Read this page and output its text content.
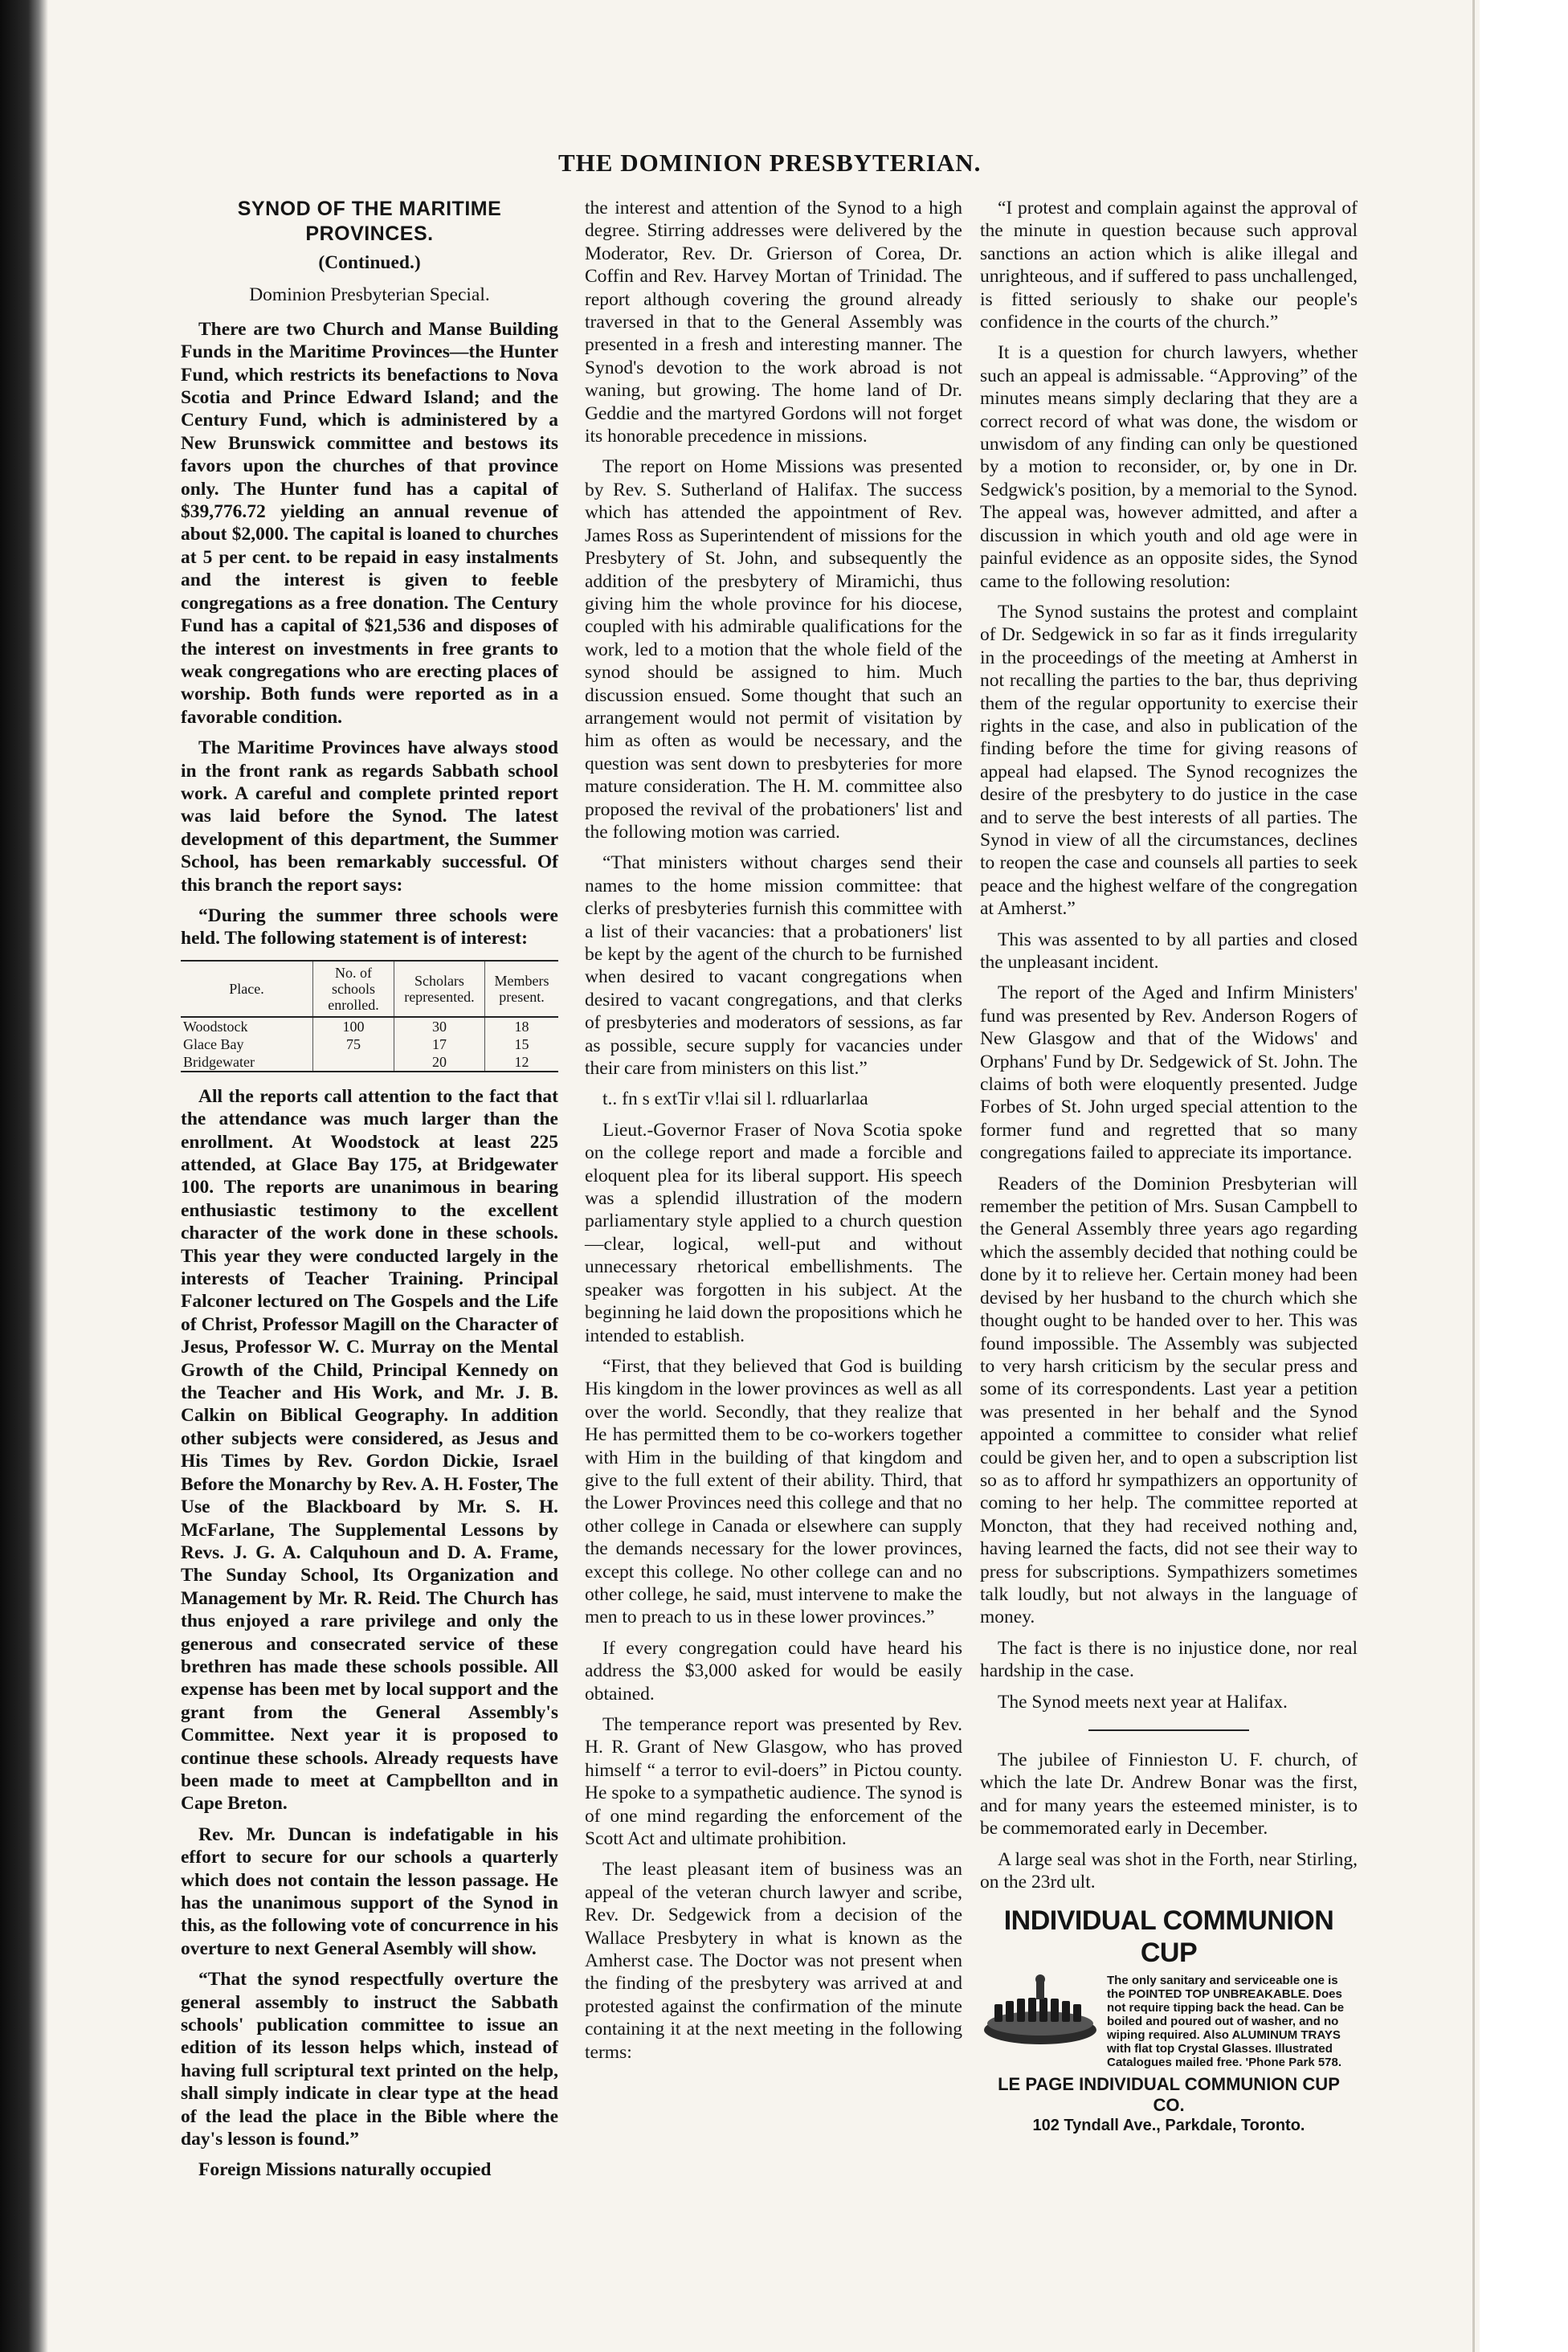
THE DOMINION PRESBYTERIAN.
SYNOD OF THE MARITIME PROVINCES.
(Continued.)
Dominion Presbyterian Special.

There are two Church and Manse Building Funds in the Maritime Provinces—the Hunter Fund, which restricts its benefactions to Nova Scotia and Prince Edward Island; and the Century Fund, which is administered by a New Brunswick committee and bestows its favors upon the churches of that province only. The Hunter fund has a capital of $39,776.72 yielding an annual revenue of about $2,000. The capital is loaned to churches at 5 per cent. to be repaid in easy instalments and the interest is given to feeble congregations as a free donation. The Century Fund has a capital of $21,536 and disposes of the interest on investments in free grants to weak congregations who are erecting places of worship. Both funds were reported as in a favorable condition.

The Maritime Provinces have always stood in the front rank as regards Sabbath school work. A careful and complete printed report was laid before the Synod. The latest development of this department, the Summer School, has been remarkably successful. Of this branch the report says:

“During the summer three schools were held. The following statement is of interest:

Place.	No. of schools enrolled.	Scholars represented.	Members present.
Woodstock	100	30	18
Glace Bay	75	17	15
Bridgewater		20	12

All the reports call attention to the fact that the attendance was much larger than the enrollment. At Woodstock at least 225 attended, at Glace Bay 175, at Bridgewater 100. The reports are unanimous in bearing enthusiastic testimony to the excellent character of the work done in these schools. This year they were conducted largely in the interests of Teacher Training. Principal Falconer lectured on The Gospels and the Life of Christ, Professor Magill on the Character of Jesus, Professor W. C. Murray on the Mental Growth of the Child, Principal Kennedy on the Teacher and His Work, and Mr. J. B. Calkin on Biblical Geography. In addition other subjects were considered, as Jesus and His Times by Rev. Gordon Dickie, Israel Before the Monarchy by Rev. A. H. Foster, The Use of the Blackboard by Mr. S. H. McFarlane, The Supplemental Lessons by Revs. J. G. A. Calquhoun and D. A. Frame, The Sunday School, Its Organization and Management by Mr. R. Reid. The Church has thus enjoyed a rare privilege and only the generous and consecrated service of these brethren has made these schools possible. All expense has been met by local support and the grant from the General Assembly's Committee. Next year it is proposed to continue these schools. Already requests have been made to meet at Campbellton and in Cape Breton.

Rev. Mr. Duncan is indefatigable in his effort to secure for our schools a quarterly which does not contain the lesson passage. He has the unanimous support of the Synod in this, as the following vote of concurrence in his overture to next General Asembly will show.

“That the synod respectfully overture the general assembly to instruct the Sabbath schools' publication committee to issue an edition of its lesson helps which, instead of having full scriptural text printed on the help, shall simply indicate in clear type at the head of the lead the place in the Bible where the day's lesson is found.”

Foreign Missions naturally occupied

the interest and attention of the Synod to a high degree. Stirring addresses were delivered by the Moderator, Rev. Dr. Grierson of Corea, Dr. Coffin and Rev. Harvey Mortan of Trinidad. The report although covering the ground already traversed in that to the General Assembly was presented in a fresh and interesting manner. The Synod's devotion to the work abroad is not waning, but growing. The home land of Dr. Geddie and the martyred Gordons will not forget its honorable precedence in missions.

The report on Home Missions was presented by Rev. S. Sutherland of Halifax. The success which has attended the appointment of Rev. James Ross as Superintendent of missions for the Presbytery of St. John, and subsequently the addition of the presbytery of Miramichi, thus giving him the whole province for his diocese, coupled with his admirable qualifications for the work, led to a motion that the whole field of the synod should be assigned to him. Much discussion ensued. Some thought that such an arrangement would not permit of visitation by him as often as would be necessary, and the question was sent down to presbyteries for more mature consideration. The H. M. committee also proposed the revival of the probationers' list and the following motion was carried.

“That ministers without charges send their names to the home mission committee: that clerks of presbyteries furnish this committee with a list of their vacancies: that a probationers' list be kept by the agent of the church to be furnished when desired to vacant congregations when desired to vacant congregations, and that clerks of presbyteries and moderators of sessions, as far as possible, secure supply for vacancies under their care from ministers on this list.”

t.. fn s extTir v!lai sil l. rdluarlarlaa

Lieut.-Governor Fraser of Nova Scotia spoke on the college report and made a forcible and eloquent plea for its liberal support. His speech was a splendid illustration of the modern parliamentary style applied to a church question—clear, logical, well-put and without unnecessary rhetorical embellishments. The speaker was forgotten in his subject. At the beginning he laid down the propositions which he intended to establish.

“First, that they believed that God is building His kingdom in the lower provinces as well as all over the world. Secondly, that they realize that He has permitted them to be co-workers together with Him in the building of that kingdom and give to the full extent of their ability. Third, that the Lower Provinces need this college and that no other college in Canada or elsewhere can supply the demands necessary for the lower provinces, except this college. No other college can and no other college, he said, must intervene to make the men to preach to us in these lower provinces.”

If every congregation could have heard his address the $3,000 asked for would be easily obtained.

The temperance report was presented by Rev. H. R. Grant of New Glasgow, who has proved himself “ a terror to evil-doers” in Pictou county. He spoke to a sympathetic audience. The synod is of one mind regarding the enforcement of the Scott Act and ultimate prohibition.

The least pleasant item of business was an appeal of the veteran church lawyer and scribe, Rev. Dr. Sedgewick from a decision of the Wallace Presbytery in what is known as the Amherst case. The Doctor was not present when the finding of the presbytery was arrived at and protested against the confirmation of the minute containing it at the next meeting in the following terms:

“I protest and complain against the approval of the minute in question because such approval sanctions an action which is alike illegal and unrighteous, and if suffered to pass unchallenged, is fitted seriously to shake our people's confidence in the courts of the church.”

It is a question for church lawyers, whether such an appeal is admissable. “Approving” of the minutes means simply declaring that they are a correct record of what was done, the wisdom or unwisdom of any finding can only be questioned by a motion to reconsider, or, by one in Dr. Sedgwick's position, by a memorial to the Synod. The appeal was, however admitted, and after a discussion in which youth and old age were in painful evidence as an opposite sides, the Synod came to the following resolution:

The Synod sustains the protest and complaint of Dr. Sedgewick in so far as it finds irregularity in the proceedings of the meeting at Amherst in not recalling the parties to the bar, thus depriving them of the regular opportunity to exercise their rights in the case, and also in publication of the finding before the time for giving reasons of appeal had elapsed. The Synod recognizes the desire of the presbytery to do justice in the case and to serve the best interests of all parties. The Synod in view of all the circumstances, declines to reopen the case and counsels all parties to seek peace and the highest welfare of the congregation at Amherst.”

This was assented to by all parties and closed the unpleasant incident.

The report of the Aged and Infirm Ministers' fund was presented by Rev. Anderson Rogers of New Glasgow and that of the Widows' and Orphans' Fund by Dr. Sedgewick of St. John. The claims of both were eloquently presented. Judge Forbes of St. John urged special attention to the former fund and regretted that so many congregations failed to appreciate its importance.

Readers of the Dominion Presbyterian will remember the petition of Mrs. Susan Campbell to the General Assembly three years ago regarding which the assembly decided that nothing could be done by it to relieve her. Certain money had been devised by her husband to the church which she thought ought to be handed over to her. This was found impossible. The Assembly was subjected to very harsh criticism by the secular press and some of its correspondents. Last year a petition was presented in her behalf and the Synod appointed a committee to consider what relief could be given her, and to open a subscription list so as to afford hr sympathizers an opportunity of coming to her help. The committee reported at Moncton, that they had received nothing and, having learned the facts, did not see their way to press for subscriptions. Sympathizers sometimes talk loudly, but not always in the language of money.

The fact is there is no injustice done, nor real hardship in the case.

The Synod meets next year at Halifax.

The jubilee of Finnieston U. F. church, of which the late Dr. Andrew Bonar was the first, and for many years the esteemed minister, is to be commemorated early in December.

A large seal was shot in the Forth, near Stirling, on the 23rd ult.

INDIVIDUAL COMMUNION CUP
The only sanitary and serviceable one is the POINTED TOP UNBREAKABLE. Does not require tipping back the head. Can be boiled and poured out of washer, and no wiping required. Also ALUMINUM TRAYS with flat top Crystal Glasses. Illustrated Catalogues mailed free. 'Phone Park 578.
LE PAGE INDIVIDUAL COMMUNION CUP CO.
102 Tyndall Ave., Parkdale, Toronto.
